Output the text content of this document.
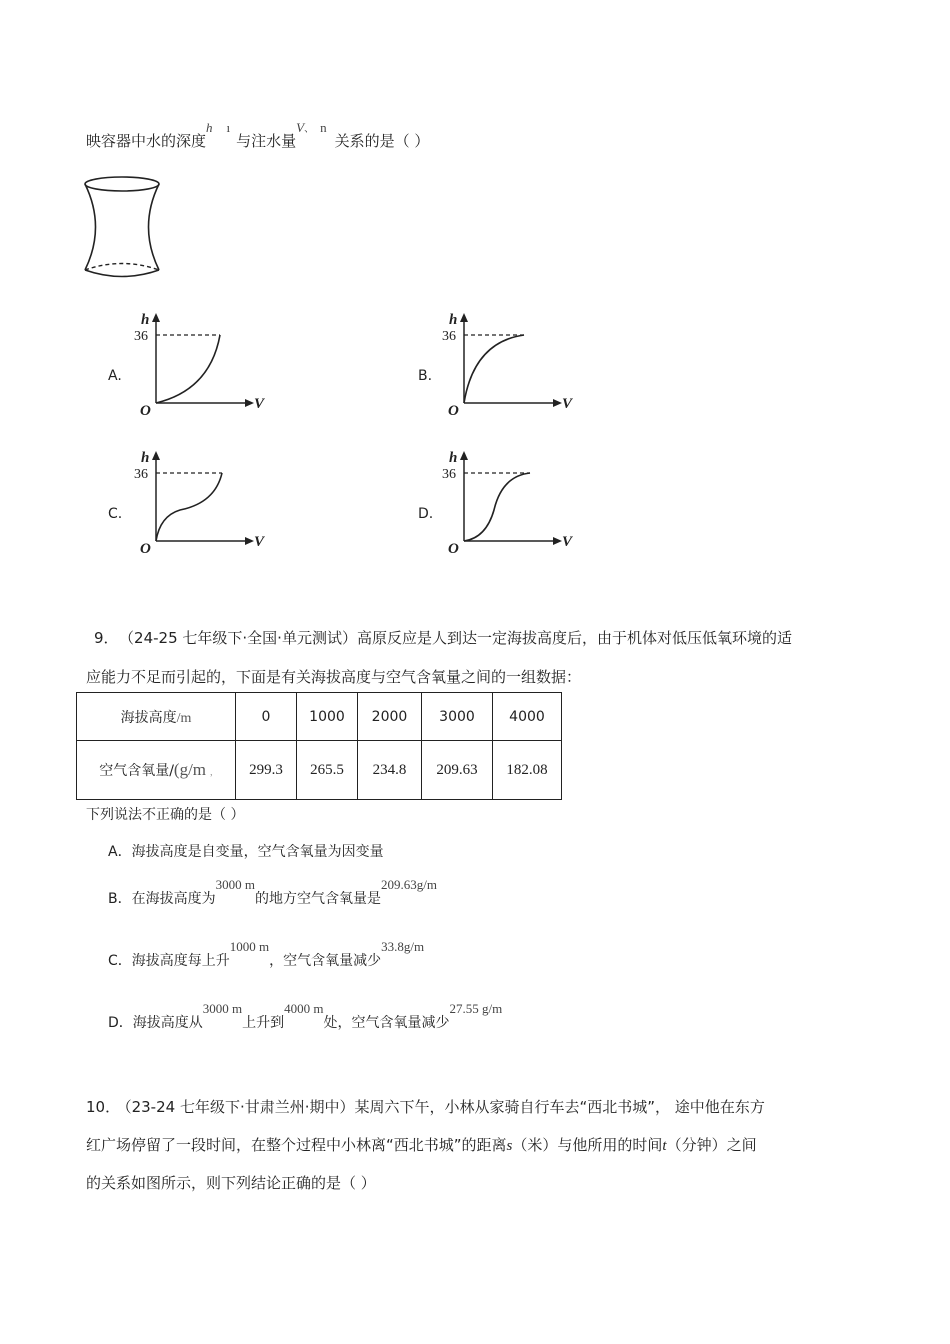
映容器中水的深度h ı与注水量V、 n关系的是（ ）
A.	B.
C.	D.
h
36
O	V
h
36
O	V
h
36
O	V
h
36
O	V
9． （24-25 七年级下·全国·单元测试）高原反应是人到达一定海拔高度后，由于机体对低压低氧环境的适
应能力不足而引起的，下面是有关海拔高度与空气含氧量之间的一组数据：
海拔高度/m	0	1000	2000	3000	4000
空气含氧量/(g/m ,	299.3	265.5	234.8	209.63	182.08
下列说法不正确的是（ ）
A．海拔高度是自变量，空气含氧量为因变量
B．在海拔高度为3000 m的地方空气含氧量是209.63g/m
C．海拔高度每上升1000 m，空气含氧量减少33.8g/m
D．海拔高度从3000 m上升到4000 m处，空气含氧量减少27.55 g/m
10． （23-24 七年级下·甘肃兰州·期中）某周六下午，小林从家骑自行车去“西北书城”， 途中他在东方
红广场停留了一段时间，在整个过程中小林离“西北书城”的距离s（米）与他所用的时间t（分钟）之间
的关系如图所示，则下列结论正确的是（ ）
